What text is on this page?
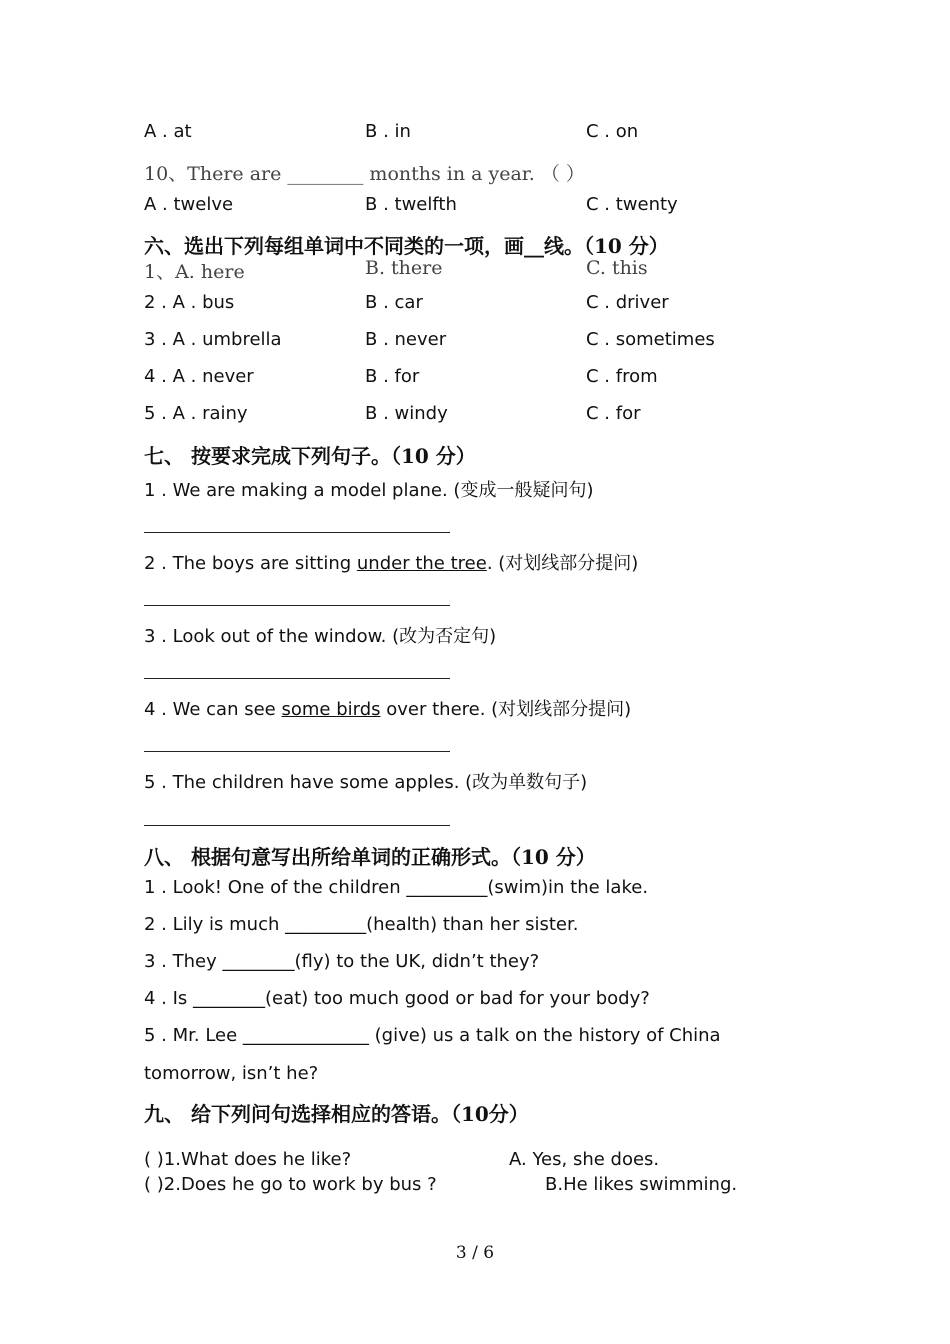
A . at	B . in	C . on
10、There are ________ months in a year. （ ）
A . twelve	B . twelfth	C . twenty
六、选出下列每组单词中不同类的一项，画__线。（10 分）
1、A. here	B. there	C. this
2 . A . bus	B . car	C . driver
3 . A . umbrella	B . never	C . sometimes
4 . A . never	B . for	C . from
5 . A . rainy	B . windy	C . for
七、 按要求完成下列句子。（10 分）
1 . We are making a model plane. (变成一般疑问句)
2 . The boys are sitting under the tree. (对划线部分提问)
3 . Look out of the window. (改为否定句)
4 . We can see some birds over there. (对划线部分提问)
5 . The children have some apples. (改为单数句子)
八、 根据句意写出所给单词的正确形式。（10 分）
1 . Look! One of the children _________(swim)in the lake.
2 . Lily is much _________(health) than her sister.
3 . They ________(fly) to the UK, didn’t they?
4 . Is ________(eat) too much good or bad for your body?
5 . Mr. Lee ______________ (give) us a talk on the history of China
tomorrow, isn’t he?
九、 给下列问句选择相应的答语。（10分）
( )1.What does he like?	A. Yes, she does.
( )2.Does he go to work by bus ?	B.He likes swimming.
3 / 6
